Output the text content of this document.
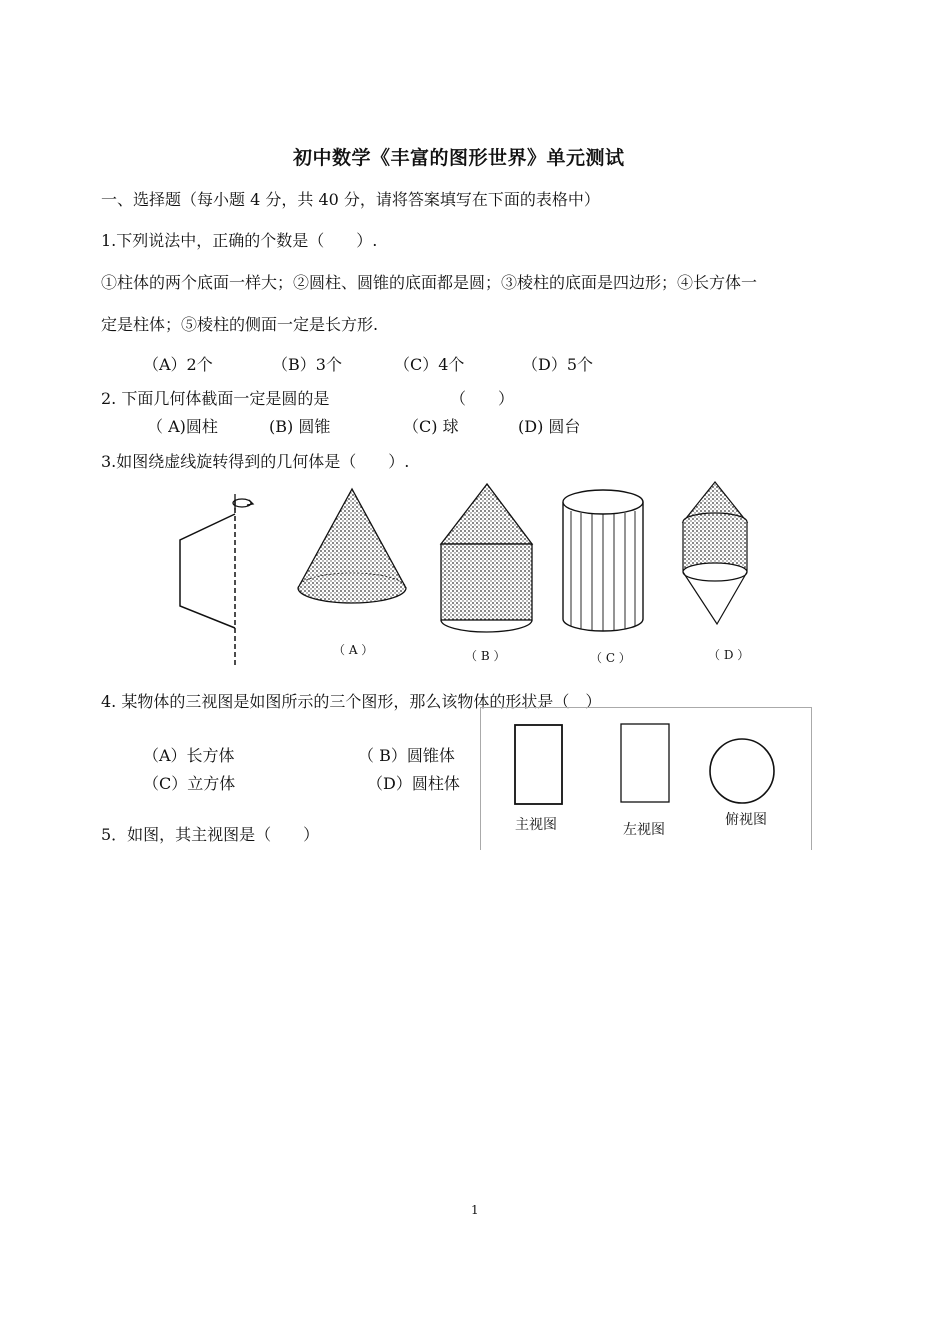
初中数学《丰富的图形世界》单元测试
一、选择题（每小题 4 分，共 40 分，请将答案填写在下面的表格中）
1.下列说法中，正确的个数是（　　）.
①柱体的两个底面一样大；②圆柱、圆锥的底面都是圆；③棱柱的底面是四边形；④长方体一
定是柱体；⑤棱柱的侧面一定是长方形.
（A）2个	（B）3个	（C）4个	（D）5个
2. 下面几何体截面一定是圆的是	（　　）
（ A)圆柱	(B) 圆锥	（C) 球	(D) 圆台
3.如图绕虚线旋转得到的几何体是（　　）.
（ A ）	（ B ）	（ C ）	（ D ）
4. 某物体的三视图是如图所示的三个图形，那么该物体的形状是（　）
（A）长方体	（ B）圆锥体
（C）立方体	（D）圆柱体
主视图	左视图
俯视图
5．如图，其主视图是（　　）
1
